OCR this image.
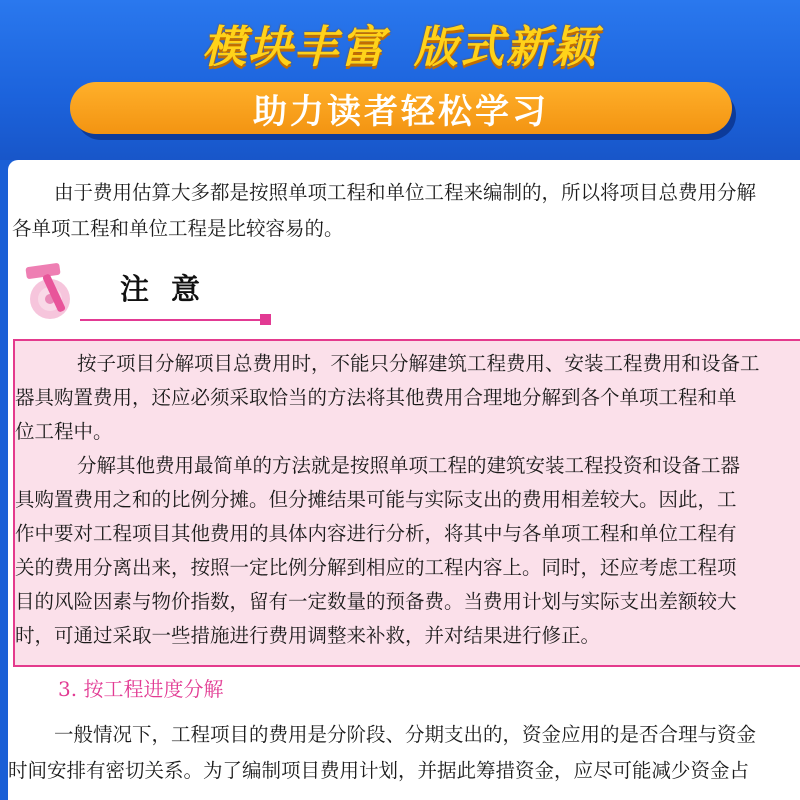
模块丰富 版式新颖
助力读者轻松学习
由于费用估算大多都是按照单项工程和单位工程来编制的，所以将项目总费用分解
各单项工程和单位工程是比较容易的。
注意
按子项目分解项目总费用时，不能只分解建筑工程费用、安装工程费用和设备工
器具购置费用，还应必须采取恰当的方法将其他费用合理地分解到各个单项工程和单
位工程中。
分解其他费用最简单的方法就是按照单项工程的建筑安装工程投资和设备工器
具购置费用之和的比例分摊。但分摊结果可能与实际支出的费用相差较大。因此，工
作中要对工程项目其他费用的具体内容进行分析，将其中与各单项工程和单位工程有
关的费用分离出来，按照一定比例分解到相应的工程内容上。同时，还应考虑工程项
目的风险因素与物价指数，留有一定数量的预备费。当费用计划与实际支出差额较大
时，可通过采取一些措施进行费用调整来补救，并对结果进行修正。
3. 按工程进度分解
一般情况下，工程项目的费用是分阶段、分期支出的，资金应用的是否合理与资金
时间安排有密切关系。为了编制项目费用计划，并据此筹措资金，应尽可能减少资金占
